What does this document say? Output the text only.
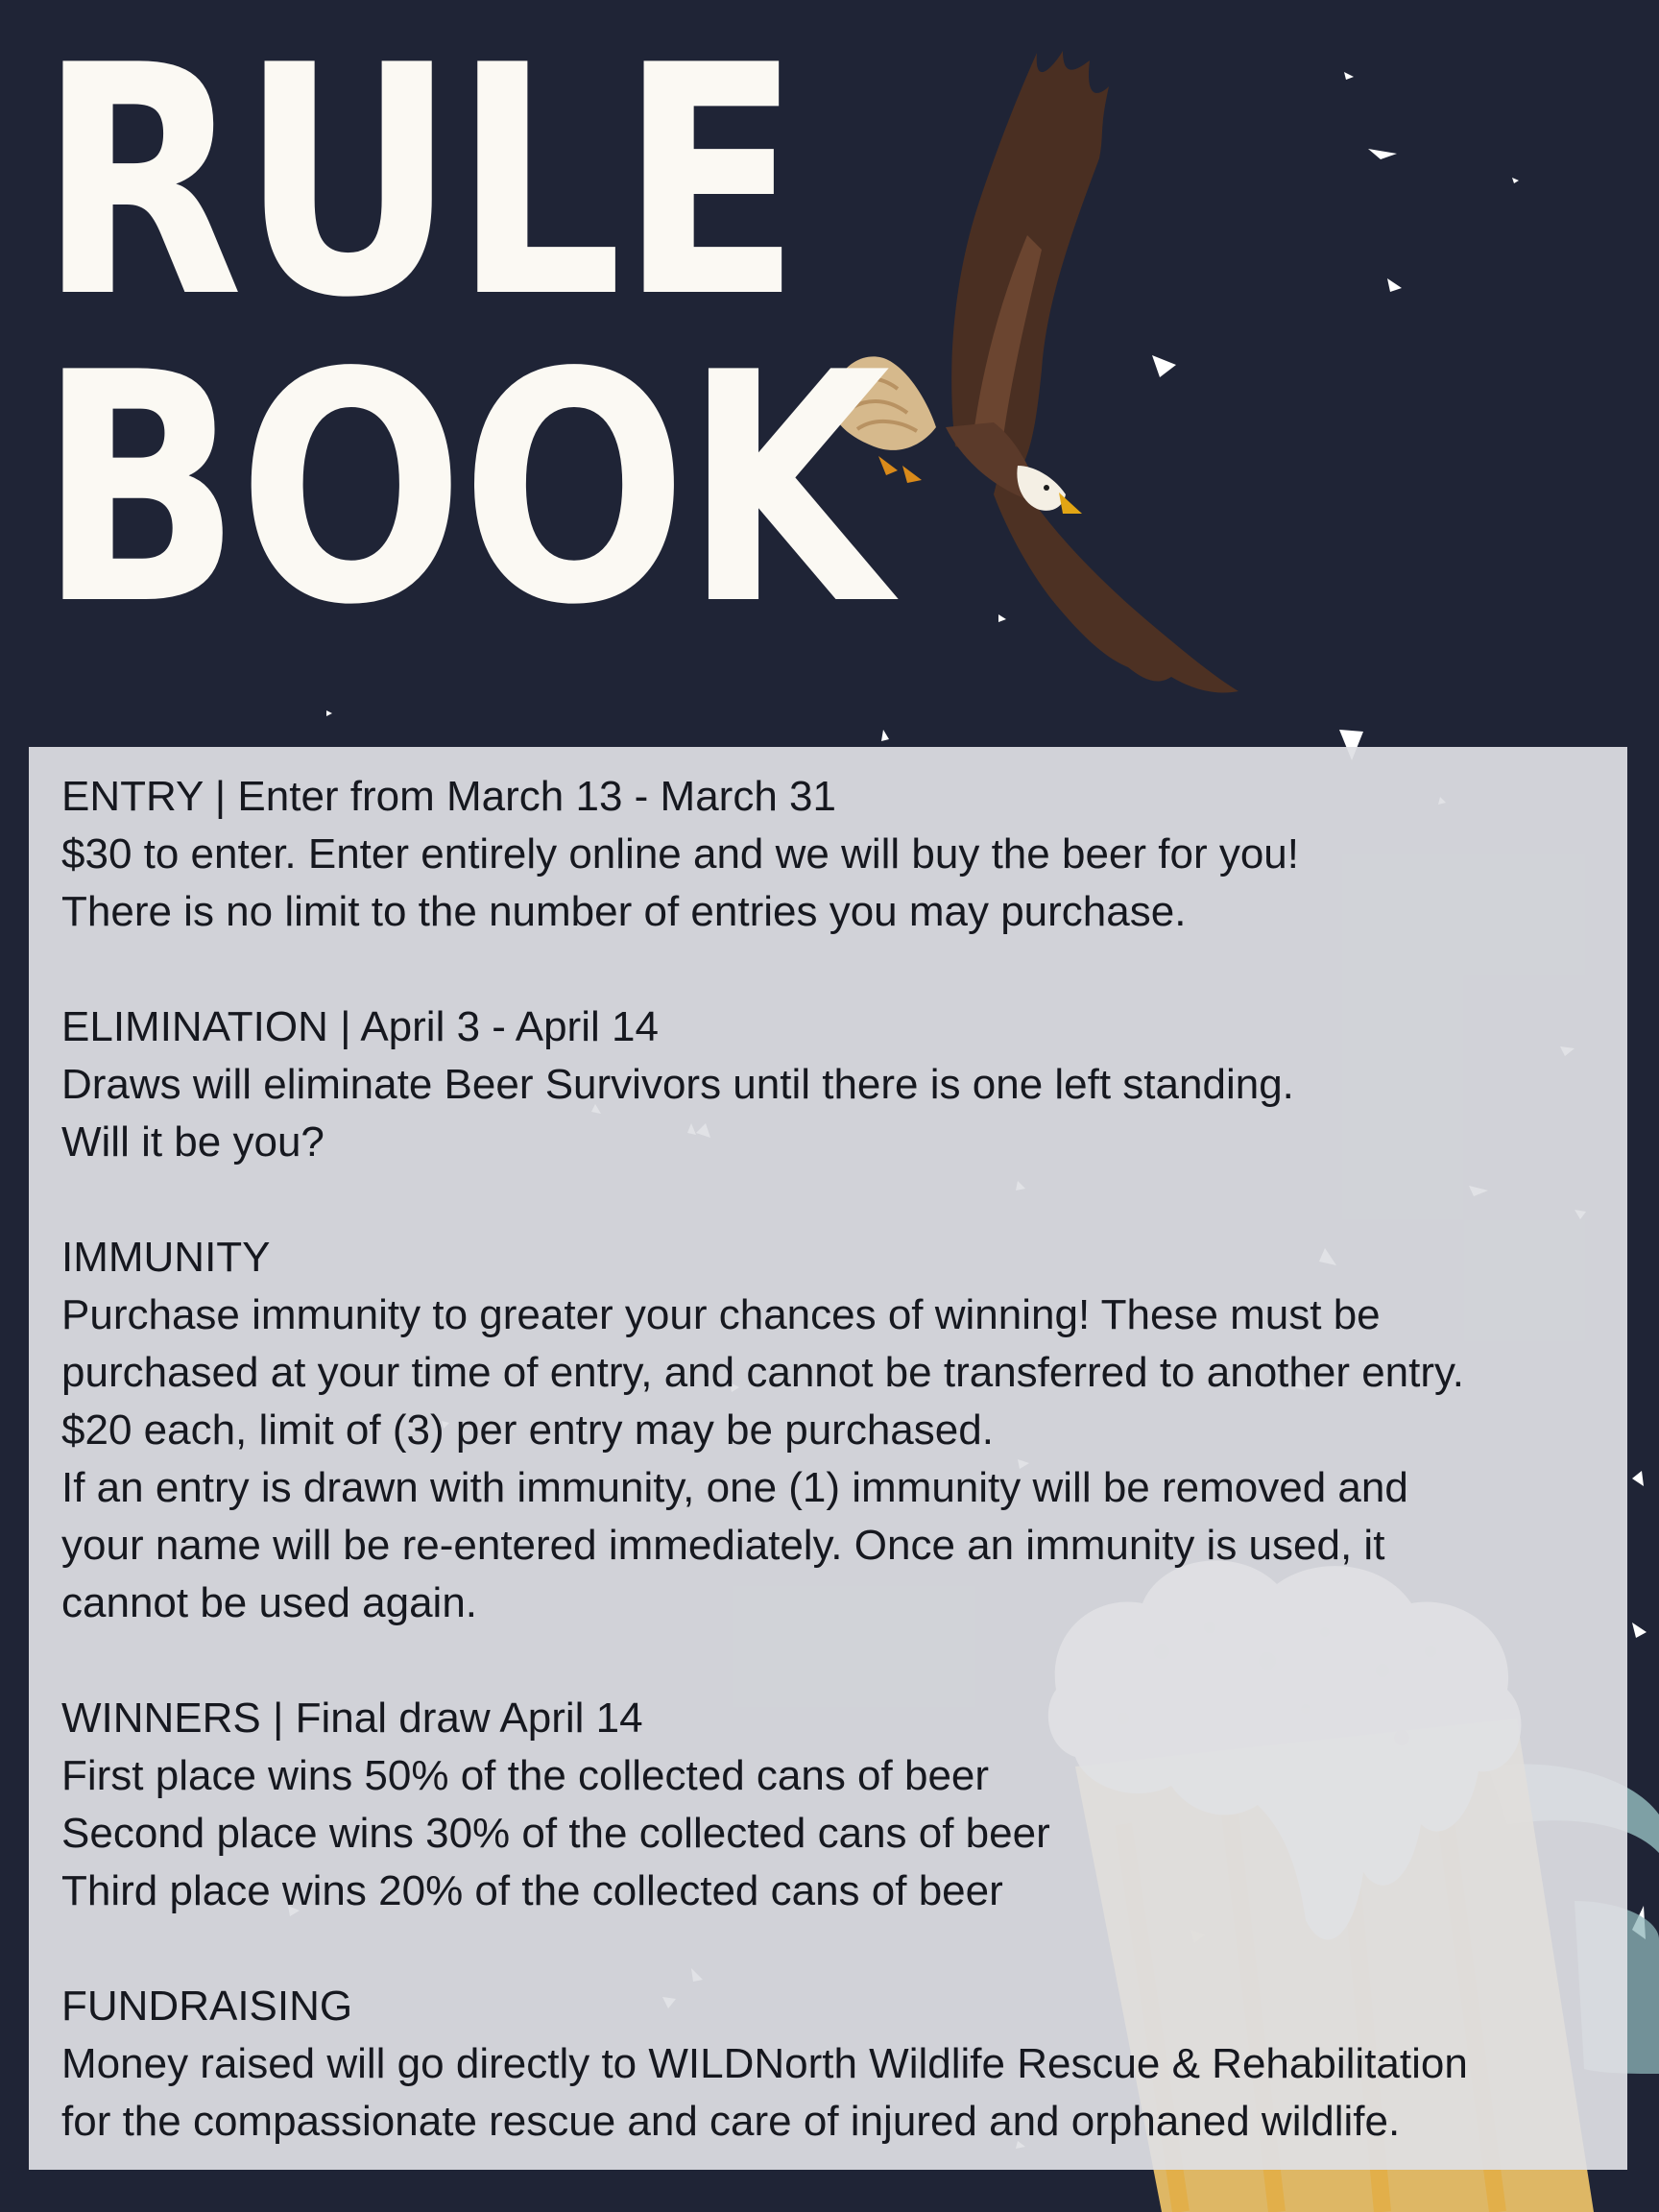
RULE
BOOK
ENTRY | Enter from March 13 - March 31

$30 to enter. Enter entirely online and we will buy the beer for you!

There is no limit to the number of entries you may purchase.

ELIMINATION | April 3 - April 14

Draws will eliminate Beer Survivors until there is one left standing.

Will it be you?

IMMUNITY

Purchase immunity to greater your chances of winning! These must be

purchased at your time of entry, and cannot be transferred to another entry.

$20 each, limit of (3) per entry may be purchased.

If an entry is drawn with immunity, one (1) immunity will be removed and

your name will be re-entered immediately. Once an immunity is used, it

cannot be used again.

WINNERS | Final draw April 14

First place wins 50% of the collected cans of beer

Second place wins 30% of the collected cans of beer

Third place wins 20% of the collected cans of beer

FUNDRAISING

Money raised will go directly to WILDNorth Wildlife Rescue & Rehabilitation

for the compassionate rescue and care of injured and orphaned wildlife.
